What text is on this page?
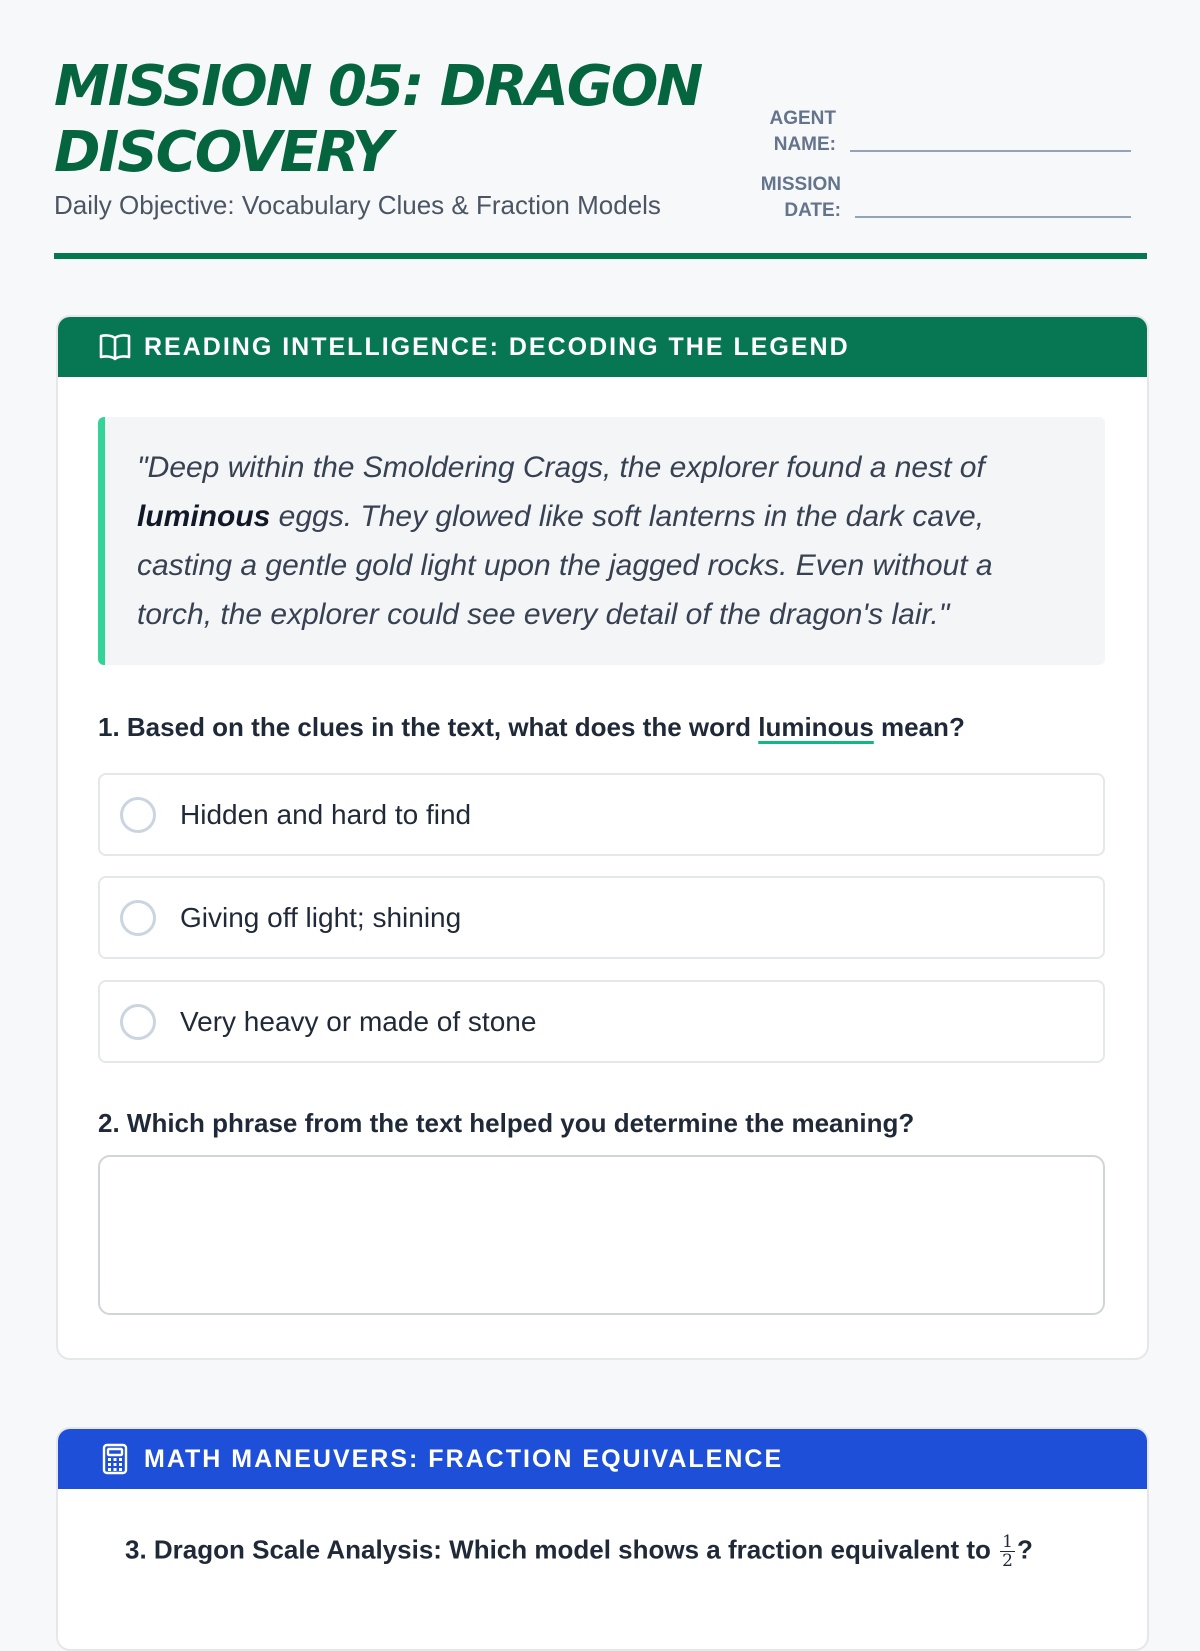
MISSION 05: DRAGON DISCOVERY
Daily Objective: Vocabulary Clues & Fraction Models
AGENT
NAME:
MISSION
DATE:
READING INTELLIGENCE: DECODING THE LEGEND
"Deep within the Smoldering Crags, the explorer found a nest of luminous eggs. They glowed like soft lanterns in the dark cave, casting a gentle gold light upon the jagged rocks. Even without a torch, the explorer could see every detail of the dragon's lair."
1. Based on the clues in the text, what does the word luminous mean?
Hidden and hard to find
Giving off light; shining
Very heavy or made of stone
2. Which phrase from the text helped you determine the meaning?
MATH MANEUVERS: FRACTION EQUIVALENCE
3. Dragon Scale Analysis: Which model shows a fraction equivalent to $\frac{1}{2}$ ?
